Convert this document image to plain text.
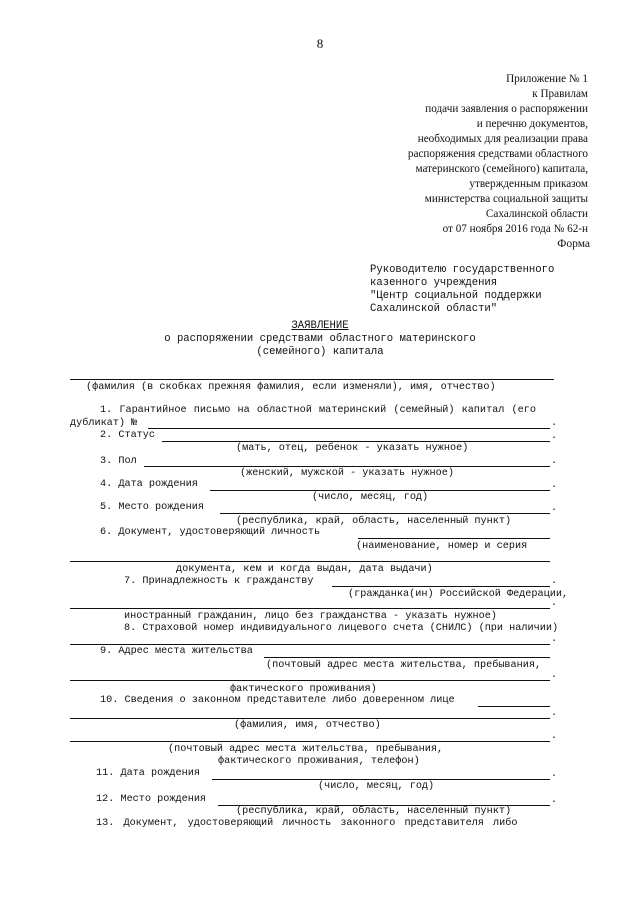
8
Приложение № 1
к Правилам
подачи заявления о распоряжении
и перечню документов,
необходимых для реализации права
распоряжения средствами областного
материнского (семейного) капитала,
утвержденным приказом
министерства социальной защиты
Сахалинской области
от 07 ноября 2016 года № 62-н
Форма
Руководителю государственного
казенного учреждения
"Центр социальной поддержки
Сахалинской области"
ЗАЯВЛЕНИЕ
о распоряжении средствами областного материнского
(семейного) капитала
(фамилия (в скобках прежняя фамилия, если изменяли), имя, отчество)
1. Гарантийное письмо на областной материнский (семейный) капитал (его
дубликат) №	.
2. Статус	.
(мать, отец, ребенок - указать нужное)
3. Пол	.
(женский, мужской - указать нужное)
4. Дата рождения	.
(число, месяц, год)
5. Место рождения	.
(республика, край, область, населенный пункт)
6. Документ, удостоверяющий личность
(наименование, номер и серия
документа, кем и когда выдан, дата выдачи)
7. Принадлежность к гражданству	.
(гражданка(ин) Российской Федерации,
.
иностранный гражданин, лицо без гражданства - указать нужное)
8. Страховой номер индивидуального лицевого счета (СНИЛС) (при наличии)
.
9. Адрес места жительства
(почтовый адрес места жительства, пребывания,
.
фактического проживания)
10. Сведения о законном представителе либо доверенном лице
.
(фамилия, имя, отчество)
.
(почтовый адрес места жительства, пребывания,
фактического проживания, телефон)
11. Дата рождения	.
(число, месяц, год)
12. Место рождения	.
(республика, край, область, населенный пункт)
13. Документ, удостоверяющий личность законного представителя либо
